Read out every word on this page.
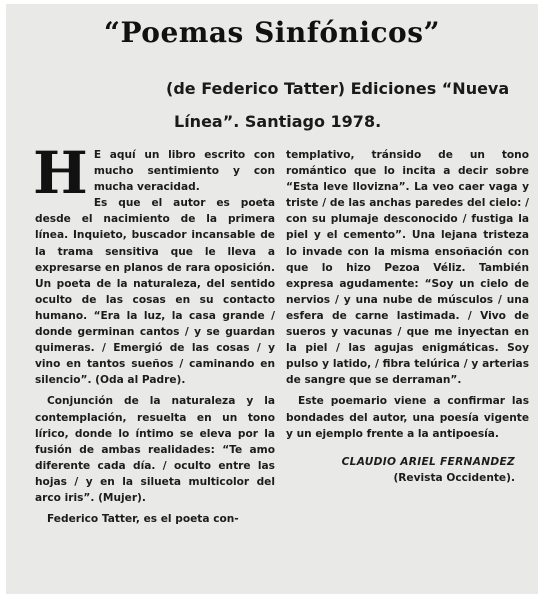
“Poemas Sinfónicos”

(de Federico Tatter) Ediciones “Nueva
Línea”. Santiago 1978.

H E aquí un libro escrito con mucho sentimiento y con mucha veracidad.

Es que el autor es poeta desde el nacimiento de la primera línea. Inquieto, buscador incansable de la trama sensitiva que le lleva a expresarse en planos de rara oposición. Un poeta de la naturaleza, del sentido oculto de las cosas en su contacto humano. “Era la luz, la casa grande / donde germinan cantos / y se guardan quimeras. / Emergió de las cosas / y vino en tantos sueños / caminando en silencio”. (Oda al Padre).

Conjunción de la naturaleza y la contemplación, resuelta en un tono lírico, donde lo íntimo se eleva por la fusión de ambas realidades: “Te amo diferente cada día. / oculto entre las hojas / y en la silueta multicolor del arco iris”. (Mujer).

Federico Tatter, es el poeta con-

templativo, tránsido de un tono romántico que lo incita a decir sobre “Esta leve llovizna”. La veo caer vaga y triste / de las anchas paredes del cielo: / con su plumaje desconocido / fustiga la piel y el cemento”. Una lejana tristeza lo invade con la misma ensoñación con que lo hizo Pezoa Véliz. También expresa agudamente: “Soy un cielo de nervios / y una nube de músculos / una esfera de carne lastimada. / Vivo de sueros y vacunas / que me inyectan en la piel / las agujas enigmáticas. Soy pulso y latido, / fibra telúrica / y arterias de sangre que se derraman”.

Este poemario viene a confirmar las bondades del autor, una poesía vigente y un ejemplo frente a la antipoesía.

CLAUDIO ARIEL FERNANDEZ
(Revista Occidente).
